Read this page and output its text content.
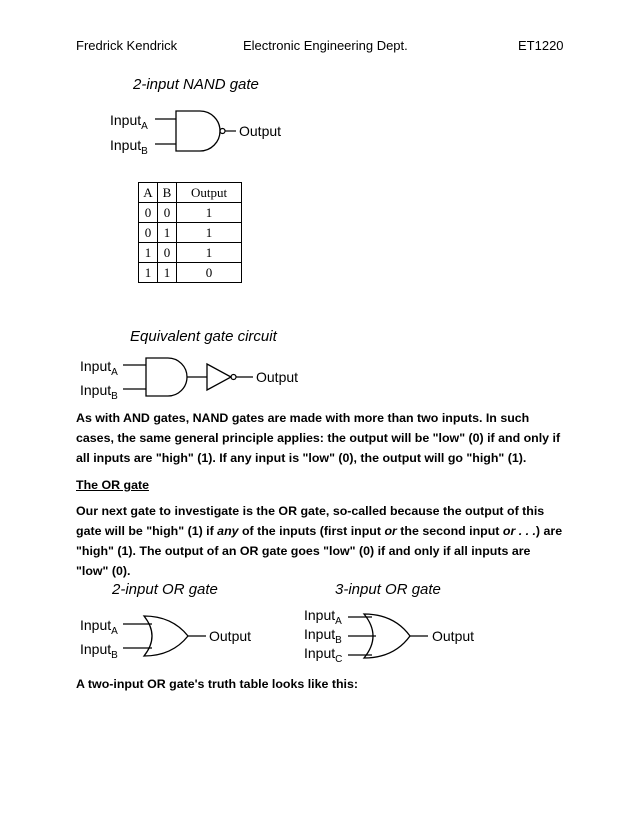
Fredrick Kendrick	Electronic Engineering Dept.	ET1220
2-input NAND gate
Input$_A$
Input$_B$
Output
A	B	Output
0	0	1
0	1	1
1	0	1
1	1	0
Equivalent gate circuit
Input$_A$
Input$_B$
Output
As with AND gates, NAND gates are made with more than two inputs. In such cases, the same general principle applies: the output will be "low" (0) if and only if all inputs are "high" (1). If any input is "low" (0), the output will go "high" (1).
The OR gate
Our next gate to investigate is the OR gate, so-called because the output of this gate will be "high" (1) if any of the inputs (first input or the second input or . . .) are "high" (1). The output of an OR gate goes "low" (0) if and only if all inputs are "low" (0).
2-input OR gate	3-input OR gate
Input$_A$
Input$_B$
Output
Input$_A$
Input$_B$
Input$_C$
Output
A two-input OR gate's truth table looks like this:
